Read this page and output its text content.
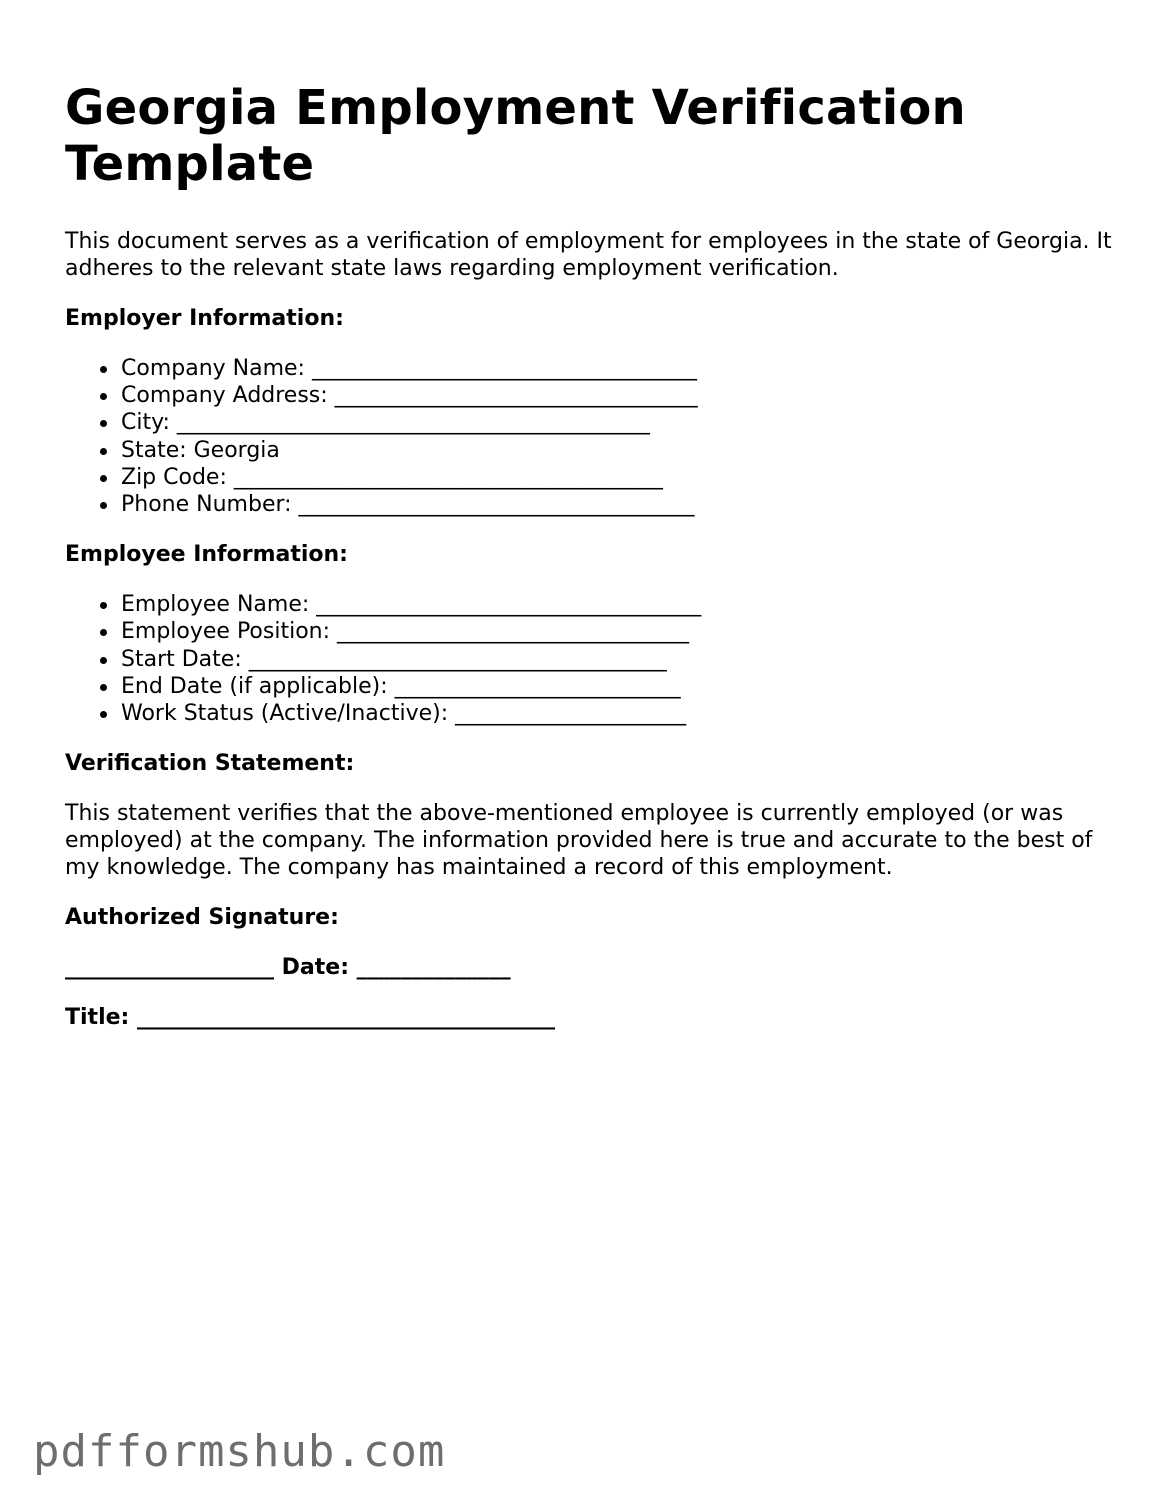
Georgia Employment Verification Template

This document serves as a verification of employment for employees in the state of Georgia. It adheres to the relevant state laws regarding employment verification.

Employer Information:
Company Name: ___________________________________
Company Address: _________________________________
City: ___________________________________________
State: Georgia
Zip Code: _______________________________________
Phone Number: ____________________________________
Employee Information:
Employee Name: ___________________________________
Employee Position: ________________________________
Start Date: ______________________________________
End Date (if applicable): __________________________
Work Status (Active/Inactive): _____________________
Verification Statement:

This statement verifies that the above-mentioned employee is currently employed (or was employed) at the company. The information provided here is true and accurate to the best of my knowledge. The company has maintained a record of this employment.

Authorized Signature:
___________________ Date: ______________
Title: ______________________________________
pdfformshub.com
